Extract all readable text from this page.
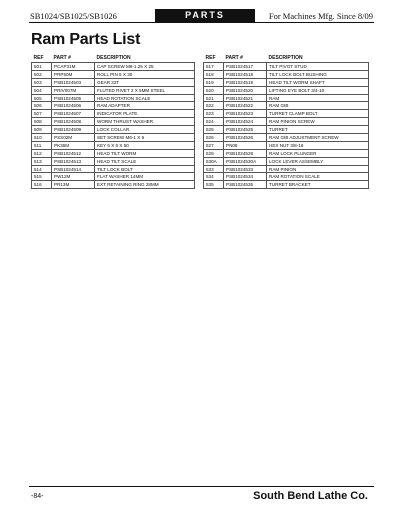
SB1024/SB1025/SB1026	PARTS	For Machines Mfg. Since 8/09
Ram Parts List
REF	PART #	DESCRIPTION
501	PCAP31M	CAP SCREW M8-1.25 X 25
502	PRP50M	ROLL PIN 5 X 30
503	PSB1024503	GEAR 33T
504	PRIV007M	FLUTED RIVET 2 X 5MM STEEL
505	PSB1024505	HEAD ROTATION SCALE
506	PSB1024506	RAM ADAPTER
507	PSB1024507	INDICATOR PLATE
508	PSB1024508	WORM THRUST WASHER
509	PSB1024509	LOCK COLLAR
510	PSS02M	SET SCREW M6-1 X 6
511	PK36M	KEY 5 X 5 X 50
512	PSB1024512	HEAD TILT WORM
513	PSB1024513	HEAD TILT SCALE
514	PSB1024514	TILT LOCK BOLT
515	PW12M	FLAT WASHER 14MM
516	PR13M	EXT RETAINING RING 28MM
REF	PART #	DESCRIPTION
517	PSB1024517	TILT PIVOT STUD
518	PSB1024518	TILT LOCK BOLT BUSHING
519	PSB1024519	HEAD TILT WORM SHAFT
520	PSB1024520	LIFTING EYE BOLT 3/4-10
521	PSB1024521	RAM
522	PSB1024522	RAM GIB
523	PSB1024523	TURRET CLAMP BOLT
524	PSB1024524	RAM PINION SCREW
525	PSB1024525	TURRET
526	PSB1024526	RAM GIB ADJUSTMENT SCREW
527	PN08	HEX NUT 3/8-16
528	PSB1024528	RAM LOCK PLUNGER
530A	PSB1024530A	LOCK LEVER ASSEMBLY
533	PSB1024533	RAM PINION
534	PSB1024534	RAM ROTATION SCALE
535	PSB1024535	TURRET BRACKET
-84-	South Bend Lathe Co.
